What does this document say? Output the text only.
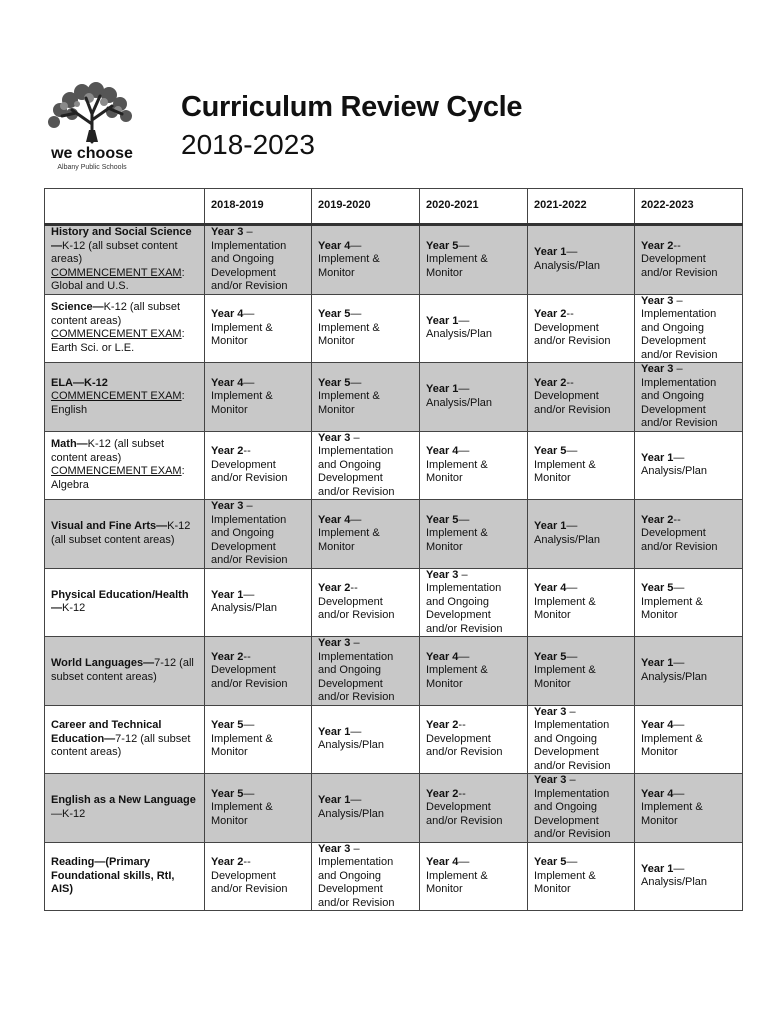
we choose
Albany Public Schools
Curriculum Review Cycle
2018-2023
	2018-2019	2019-2020	2020-2021	2021-2022	2022-2023
History and Social Science—K-12 (all subset content areas)
COMMENCEMENT EXAM: Global and U.S.	Year 3 –
Implementation and Ongoing Development and/or Revision	Year 4—
Implement & Monitor	Year 5—
Implement & Monitor	Year 1—
Analysis/Plan	Year 2--
Development and/or Revision

Science—K-12 (all subset content areas)
COMMENCEMENT EXAM: Earth Sci. or L.E.	Year 4—
Implement & Monitor	Year 5—
Implement & Monitor	Year 1—
Analysis/Plan	Year 2--
Development and/or Revision	Year 3 –
Implementation and Ongoing Development and/or Revision

ELA—K-12
COMMENCEMENT EXAM: English	Year 4—
Implement & Monitor	Year 5—
Implement & Monitor	Year 1—
Analysis/Plan	Year 2--
Development and/or Revision	Year 3 –
Implementation and Ongoing Development and/or Revision

Math—K-12 (all subset content areas)
COMMENCEMENT EXAM: Algebra	Year 2--
Development and/or Revision	Year 3 –
Implementation and Ongoing Development and/or Revision	Year 4—
Implement & Monitor	Year 5—
Implement & Monitor	Year 1—
Analysis/Plan

Visual and Fine Arts—K-12 (all subset content areas)	Year 3 –
Implementation and Ongoing Development and/or Revision	Year 4—
Implement & Monitor	Year 5—
Implement & Monitor	Year 1—
Analysis/Plan	Year 2--
Development and/or Revision

Physical Education/Health—K-12	Year 1—
Analysis/Plan	Year 2--
Development and/or Revision	Year 3 –
Implementation and Ongoing Development and/or Revision	Year 4—
Implement & Monitor	Year 5—
Implement & Monitor

World Languages—7-12 (all subset content areas)	Year 2--
Development and/or Revision	Year 3 –
Implementation and Ongoing Development and/or Revision	Year 4—
Implement & Monitor	Year 5—
Implement & Monitor	Year 1—
Analysis/Plan

Career and Technical Education—7-12 (all subset content areas)	Year 5—
Implement & Monitor	Year 1—
Analysis/Plan	Year 2--
Development and/or Revision	Year 3 –
Implementation and Ongoing Development and/or Revision	Year 4—
Implement & Monitor

English as a New Language—K-12	Year 5—
Implement & Monitor	Year 1—
Analysis/Plan	Year 2--
Development and/or Revision	Year 3 –
Implementation and Ongoing Development and/or Revision	Year 4—
Implement & Monitor

Reading—(Primary Foundational skills, RtI, AIS)	Year 2--
Development and/or Revision	Year 3 –
Implementation and Ongoing Development and/or Revision	Year 4—
Implement & Monitor	Year 5—
Implement & Monitor	Year 1—
Analysis/Plan
